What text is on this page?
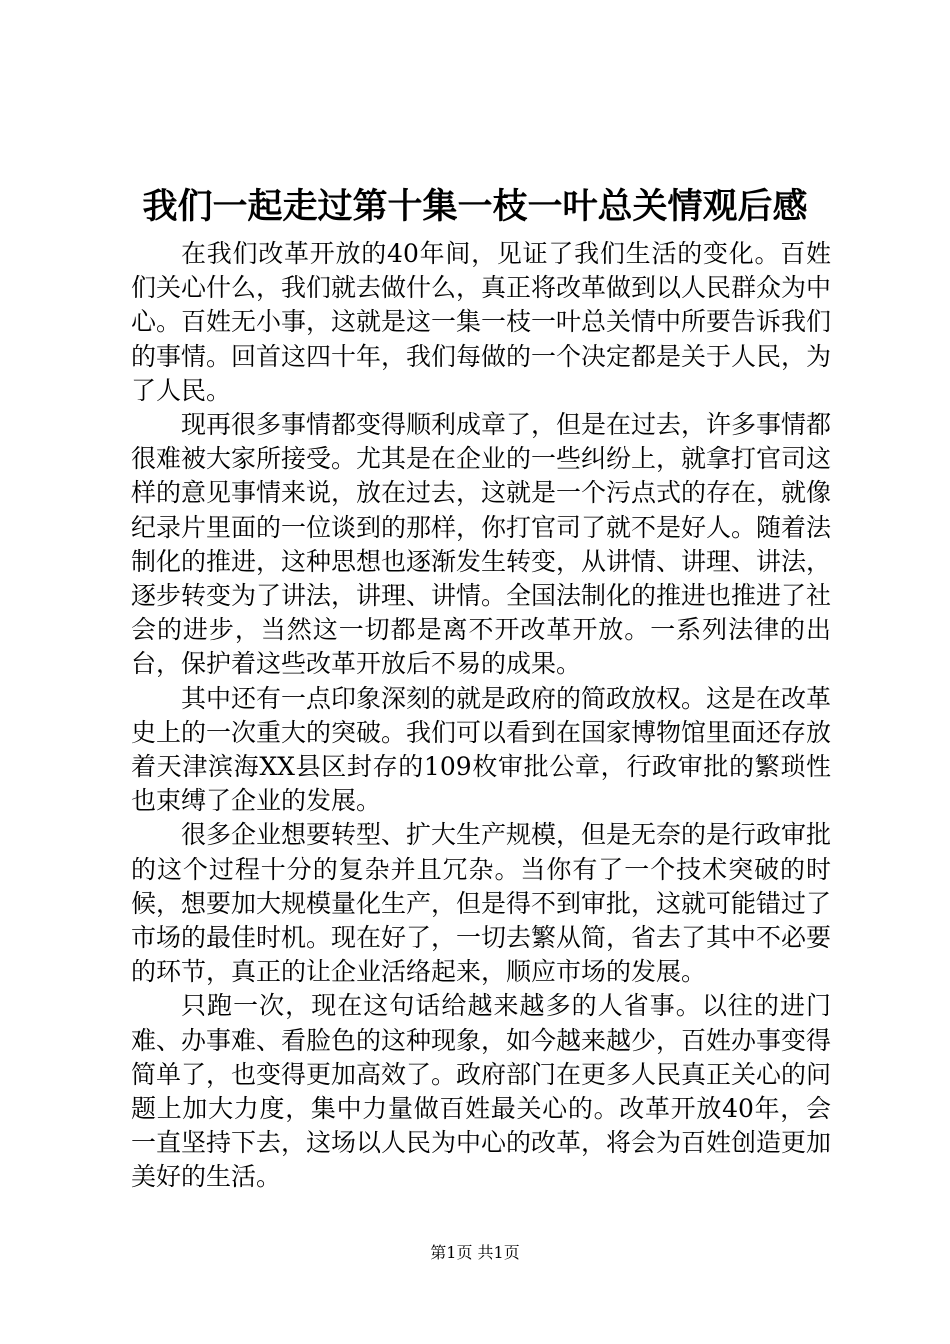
我们一起走过第十集一枝一叶总关情观后感

在我们改革开放的40年间，见证了我们生活的变化。百姓们关心什么，我们就去做什么，真正将改革做到以人民群众为中心。百姓无小事，这就是这一集一枝一叶总关情中所要告诉我们的事情。回首这四十年，我们每做的一个决定都是关于人民，为了人民。

现再很多事情都变得顺利成章了，但是在过去，许多事情都很难被大家所接受。尤其是在企业的一些纠纷上，就拿打官司这样的意见事情来说，放在过去，这就是一个污点式的存在，就像纪录片里面的一位谈到的那样，你打官司了就不是好人。随着法制化的推进，这种思想也逐渐发生转变，从讲情、讲理、讲法，逐步转变为了讲法，讲理、讲情。全国法制化的推进也推进了社会的进步，当然这一切都是离不开改革开放。一系列法律的出台，保护着这些改革开放后不易的成果。

其中还有一点印象深刻的就是政府的简政放权。这是在改革史上的一次重大的突破。我们可以看到在国家博物馆里面还存放着天津滨海XX县区封存的109枚审批公章，行政审批的繁琐性也束缚了企业的发展。

很多企业想要转型、扩大生产规模，但是无奈的是行政审批的这个过程十分的复杂并且冗杂。当你有了一个技术突破的时候，想要加大规模量化生产，但是得不到审批，这就可能错过了市场的最佳时机。现在好了，一切去繁从简，省去了其中不必要的环节，真正的让企业活络起来，顺应市场的发展。

只跑一次，现在这句话给越来越多的人省事。以往的进门难、办事难、看脸色的这种现象，如今越来越少，百姓办事变得简单了，也变得更加高效了。政府部门在更多人民真正关心的问题上加大力度，集中力量做百姓最关心的。改革开放40年，会一直坚持下去，这场以人民为中心的改革，将会为百姓创造更加美好的生活。

第1页 共1页
